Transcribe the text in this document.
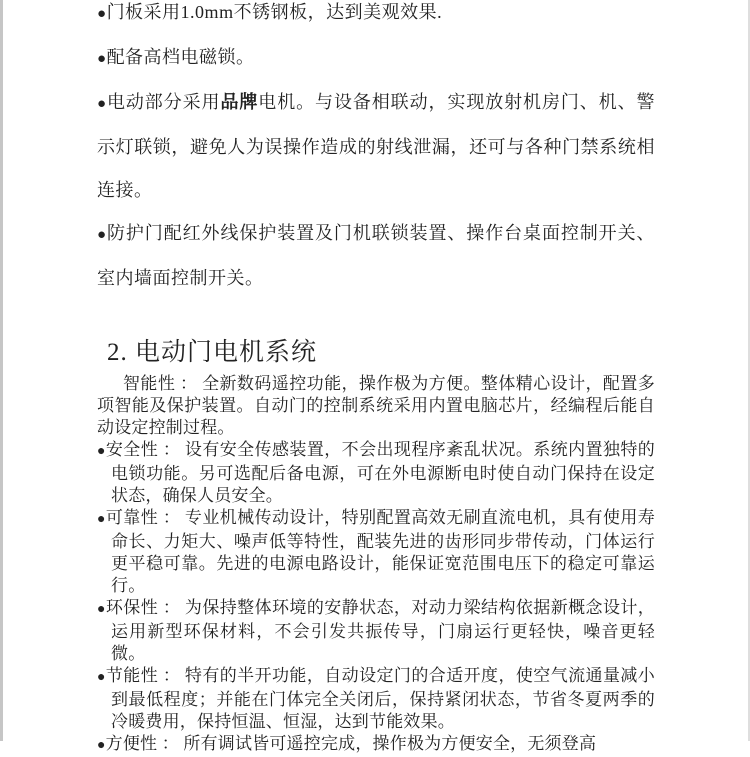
●门板采用1.0mm不锈钢板，达到美观效果.
●配备高档电磁锁。
●电动部分采用品牌电机。与设备相联动，实现放射机房门、机、警示灯联锁，避免人为误操作造成的射线泄漏，还可与各种门禁系统相连接。
●防护门配红外线保护装置及门机联锁装置、操作台桌面控制开关、室内墙面控制开关。
2. 电动门电机系统

智能性 ： 全新数码遥控功能，操作极为方便。整体精心设计，配置多项智能及保护装置。自动门的控制系统采用内置电脑芯片，经编程后能自动设定控制过程。

●安全性 ： 设有安全传感装置，不会出现程序紊乱状况。系统内置独特的电锁功能。另可选配后备电源，可在外电源断电时使自动门保持在设定状态，确保人员安全。
●可靠性 ： 专业机械传动设计，特别配置高效无刷直流电机，具有使用寿命长、力矩大、噪声低等特性，配装先进的齿形同步带传动，门体运行更平稳可靠。先进的电源电路设计，能保证宽范围电压下的稳定可靠运行。
●环保性 ： 为保持整体环境的安静状态，对动力梁结构依据新概念设计，运用新型环保材料，不会引发共振传导，门扇运行更轻快，噪音更轻微。
●节能性 ： 特有的半开功能，自动设定门的合适开度，使空气流通量减小到最低程度；并能在门体完全关闭后，保持紧闭状态，节省冬夏两季的冷暖费用，保持恒温、恒湿，达到节能效果。
●方便性 ： 所有调试皆可遥控完成，操作极为方便安全，无须登高
